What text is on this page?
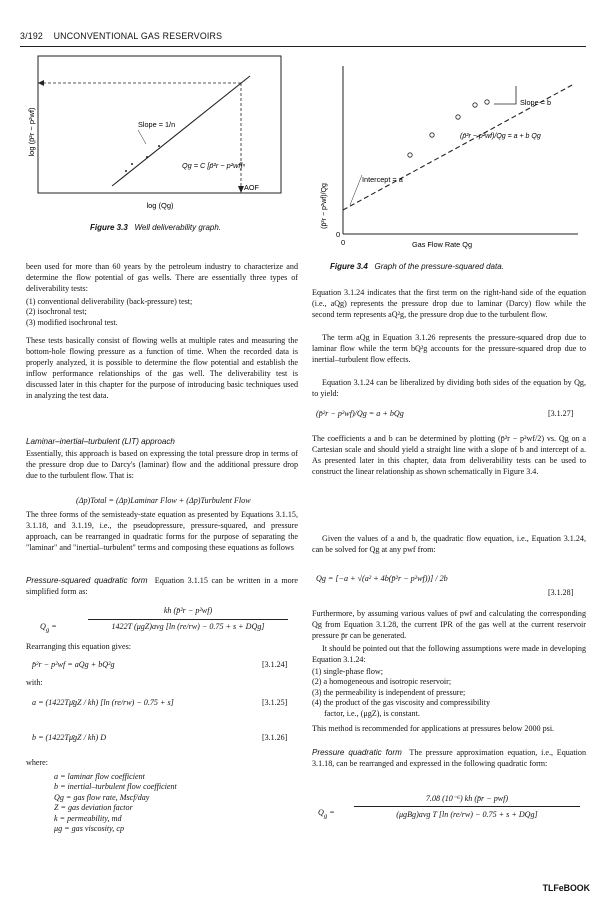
3/192 UNCONVENTIONAL GAS RESERVOIRS
log (p̄²r − p²wf)	Slope = 1/n
Qg = C [p̄²r − p²wf]ⁿ
AOF
log (Qg)
Figure 3.3 Well deliverability graph.	(p̄²r − p²wf)/Qg
0
0
Slope = b
(p̄²r − p²wf)/Qg = a + b Qg
Intercept = a
Gas Flow Rate Qg
Figure 3.4 Graph of the pressure-squared data.
been used for more than 60 years by the petroleum industry to characterize and determine the flow potential of gas wells. There are essentially three types of deliverability tests:
(1) conventional deliverability (back-pressure) test;
(2) isochronal test;
(3) modified isochronal test.
These tests basically consist of flowing wells at multiple rates and measuring the bottom-hole flowing pressure as a function of time. When the recorded data is properly analyzed, it is possible to determine the flow potential and establish the inflow performance relationships of the gas well. The deliverability test is discussed later in this chapter for the purpose of introducing basic techniques used in analyzing the test data.
Laminar–inertial–turbulent (LIT) approach
Essentially, this approach is based on expressing the total pressure drop in terms of the pressure drop due to Darcy's (laminar) flow and the additional pressure drop due to the turbulent flow. That is:
(Δp)Total = (Δp)Laminar Flow + (Δp)Turbulent Flow
The three forms of the semisteady-state equation as presented by Equations 3.1.15, 3.1.18, and 3.1.19, i.e., the pseudopressure, pressure-squared, and pressure approach, can be rearranged in quadratic forms for the purpose of separating the "laminar" and "inertial–turbulent" terms and composing these equations as follows
Pressure-squared quadratic form Equation 3.1.15 can be written in a more simplified form as:
$Q_g$ =
kh (p̄²r − p²wf)
1422T (μgZ)avg [ln (re/rw) − 0.75 + s + DQg]
Rearranging this equation gives:
p̄²r − p²wf = aQg + bQ²g	[3.1.24]
with:
a = (1422Tμ̄gZ / kh) [ln (re/rw) − 0.75 + s]	[3.1.25]
b = (1422Tμ̄gZ / kh) D	[3.1.26]
where:
a = laminar flow coefficient
b = inertial–turbulent flow coefficient
Qg = gas flow rate, Mscf/day
Z = gas deviation factor
k = permeability, md
μg = gas viscosity, cp
Equation 3.1.24 indicates that the first term on the right-hand side of the equation (i.e., aQg) represents the pressure drop due to laminar (Darcy) flow while the second term represents aQ²g, the pressure drop due to the turbulent flow.
The term aQg in Equation 3.1.26 represents the pressure-squared drop due to laminar flow while the term bQ²g accounts for the pressure-squared drop due to inertial–turbulent flow effects.
Equation 3.1.24 can be liberalized by dividing both sides of the equation by Qg, to yield:
(p̄²r − p²wf)/Qg = a + bQg	[3.1.27]
The coefficients a and b can be determined by plotting (p̄²r − p²wf/2) vs. Qg on a Cartesian scale and should yield a straight line with a slope of b and intercept of a. As presented later in this chapter, data from deliverability tests can be used to construct the linear relationship as shown schematically in Figure 3.4.
Given the values of a and b, the quadratic flow equation, i.e., Equation 3.1.24, can be solved for Qg at any pwf from:
Qg = [−a + √(a² + 4b(p̄²r − p²wf))] / 2b
[3.1.28]
Furthermore, by assuming various values of pwf and calculating the corresponding Qg from Equation 3.1.28, the current IPR of the gas well at the current reservoir pressure p̄r can be generated.
It should be pointed out that the following assumptions were made in developing Equation 3.1.24:
(1) single-phase flow;
(2) a homogeneous and isotropic reservoir;
(3) the permeability is independent of pressure;
(4) the product of the gas viscosity and compressibility
factor, i.e., (μgZ), is constant.
This method is recommended for applications at pressures below 2000 psi.
Pressure quadratic form The pressure approximation equation, i.e., Equation 3.1.18, can be rearranged and expressed in the following quadratic form:
$Q_g$ =
7.08 (10⁻⁶) kh (p̄r − pwf)
(μgBg)avg T [ln (re/rw) − 0.75 + s + DQg]
TLFeBOOK
